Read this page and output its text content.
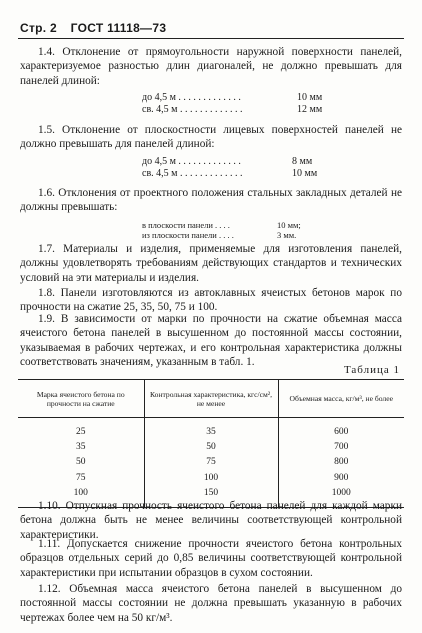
Стр. 2 ГОСТ 11118—73

1.4. Отклонение от прямоугольности наружной поверхности панелей, характеризуемое разностью длин диагоналей, не должно превышать для панелей длиной:

до 4,5 м . . . . . . . . . . . . .	10 мм
св. 4,5 м . . . . . . . . . . . . .	12 мм

1.5. Отклонение от плоскостности лицевых поверхностей панелей не должно превышать для панелей длиной:

до 4,5 м . . . . . . . . . . . . .	8 мм
св. 4,5 м . . . . . . . . . . . . .	10 мм

1.6. Отклонения от проектного положения стальных закладных деталей не должны превышать:

в плоскости панели . . . .	10 мм;
из плоскости панели . . . .	3 мм.

1.7. Материалы и изделия, применяемые для изготовления панелей, должны удовлетворять требованиям действующих стандартов и технических условий на эти материалы и изделия.

1.8. Панели изготовляются из автоклавных ячеистых бетонов марок по прочности на сжатие 25, 35, 50, 75 и 100.

1.9. В зависимости от марки по прочности на сжатие объемная масса ячеистого бетона панелей в высушенном до постоянной массы состоянии, указываемая в рабочих чертежах, и его контрольная характеристика должны соответствовать значениям, указанным в табл. 1.

Таблица 1
Марка ячеистого бетона по прочности на сжатие	Контрольная характеристика, кгс/см², не менее	Объемная масса, кг/м³, не более
25	35	600
35	50	700
50	75	800
75	100	900
100	150	1000

1.10. Отпускная прочность ячеистого бетона панелей для каждой марки бетона должна быть не менее величины соответствующей контрольной характеристики.

1.11. Допускается снижение прочности ячеистого бетона контрольных образцов отдельных серий до 0,85 величины соответствующей контрольной характеристики при испытании образцов в сухом состоянии.

1.12. Объемная масса ячеистого бетона панелей в высушенном до постоянной массы состоянии не должна превышать указанную в рабочих чертежах более чем на 50 кг/м³.
